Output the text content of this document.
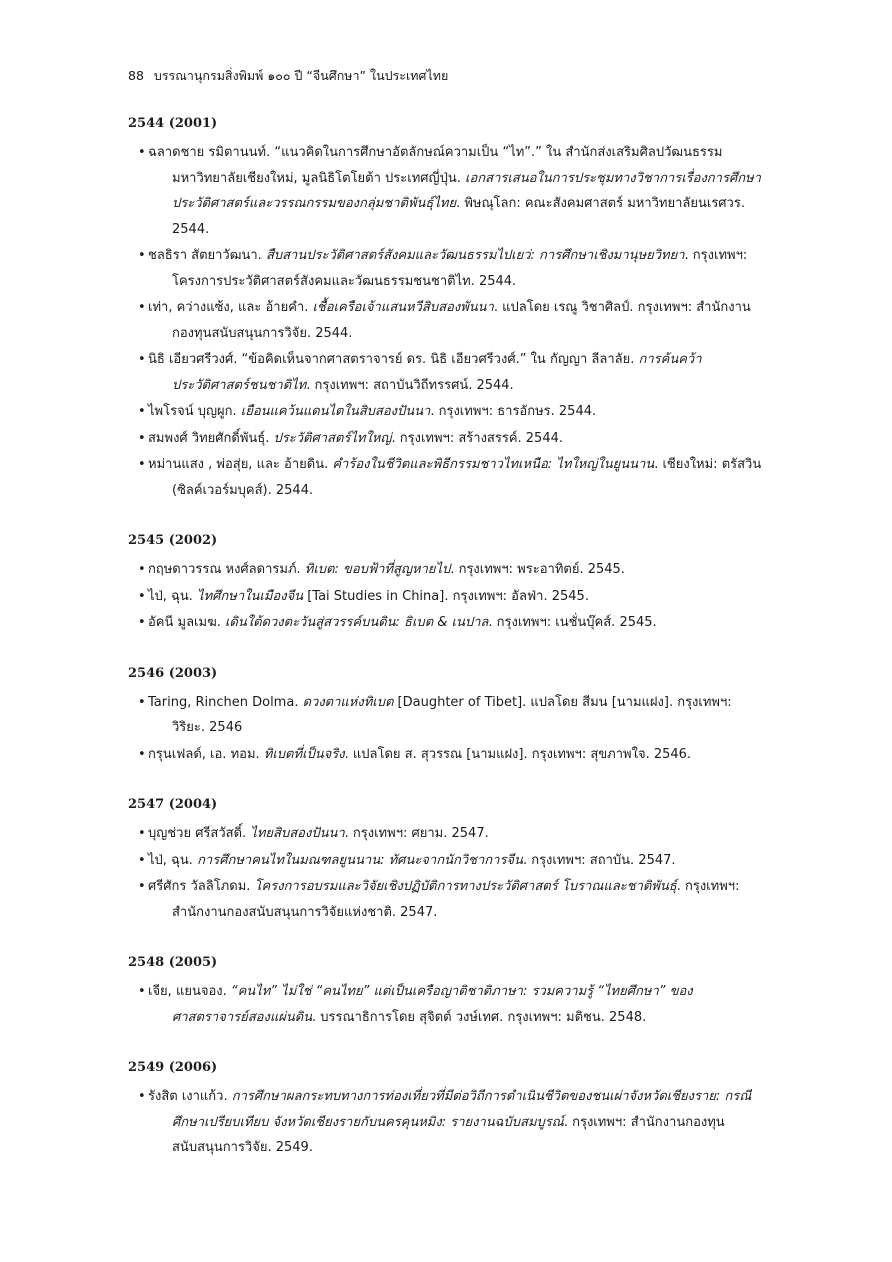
88 บรรณานุกรมสิ่งพิมพ์ ๑๐๐ ปี “จีนศึกษา” ในประเทศไทย
2544 (2001)
• ฉลาดชาย รมิตานนท์. “แนวคิดในการศึกษาอัตลักษณ์ความเป็น “ไท”.” ใน สำนักส่งเสริมศิลปวัฒนธรรม มหาวิทยาลัยเชียงใหม่, มูลนิธิโตโยต้า ประเทศญี่ปุ่น. เอกสารเสนอในการประชุมทางวิชาการเรื่องการศึกษาประวัติศาสตร์และวรรณกรรมของกลุ่มชาติพันธุ์ไทย. พิษณุโลก: คณะสังคมศาสตร์ มหาวิทยาลัยนเรศวร. 2544.
• ชลธิรา สัตยาวัฒนา. สืบสานประวัติศาสตร์สังคมและวัฒนธรรมไปเยว่: การศึกษาเชิงมานุษยวิทยา. กรุงเทพฯ: โครงการประวัติศาสตร์สังคมและวัฒนธรรมชนชาติไท. 2544.
• เท่า, คว่างแซ้ง, และ อ้ายคำ. เชื้อเครือเจ้าแสนหวีสิบสองพันนา. แปลโดย เรณู วิชาศิลป์. กรุงเทพฯ: สำนักงานกองทุนสนับสนุนการวิจัย. 2544.
• นิธิ เอียวศรีวงศ์. “ข้อคิดเห็นจากศาสตราจารย์ ดร. นิธิ เอียวศรีวงศ์.” ใน กัญญา ลีลาลัย. การค้นคว้าประวัติศาสตร์ชนชาติไท. กรุงเทพฯ: สถาบันวิถีทรรศน์. 2544.
• ไพโรจน์ บุญผูก. เยือนแคว้นแดนไตในสิบสองปันนา. กรุงเทพฯ: ธารอักษร. 2544.
• สมพงศ์ วิทยศักดิ์พันธุ์. ประวัติศาสตร์ไทใหญ่. กรุงเทพฯ: สร้างสรรค์. 2544.
• หม่านแสง , พ่อสุ่ย, และ อ้ายดิน. คำร้องในชีวิตและพิธีกรรมชาวไทเหนือ: ไทใหญ่ในยูนนาน. เชียงใหม่: ตรัสวิน (ซิลค์เวอร์มบุคส์). 2544.
2545 (2002)
• กฤษดาวรรณ หงศ์ลดารมภ์. ทิเบต: ขอบฟ้าที่สูญหายไป. กรุงเทพฯ: พระอาทิตย์. 2545.
• ไป่, ฉุน. ไทศึกษาในเมืองจีน [Tai Studies in China]. กรุงเทพฯ: อัลฟ่า. 2545.
• อัคนี มูลเมฆ. เดินใต้ดวงตะวันสู่สวรรค์บนดิน: ธิเบต & เนปาล. กรุงเทพฯ: เนชั่นบุ๊คส์. 2545.
2546 (2003)
• Taring, Rinchen Dolma. ดวงตาแห่งทิเบต [Daughter of Tibet]. แปลโดย สีมน [นามแฝง]. กรุงเทพฯ: วิริยะ. 2546
• กรุนเฟลด์, เอ. ทอม. ทิเบตที่เป็นจริง. แปลโดย ส. สุวรรณ [นามแฝง]. กรุงเทพฯ: สุขภาพใจ. 2546.
2547 (2004)
• บุญช่วย ศรีสวัสดิ์. ไทยสิบสองปันนา. กรุงเทพฯ: ศยาม. 2547.
• ไป่, ฉุน. การศึกษาคนไทในมณฑลยูนนาน: ทัศนะจากนักวิชาการจีน. กรุงเทพฯ: สถาบัน. 2547.
• ศรีศักร วัลลิโภดม. โครงการอบรมและวิจัยเชิงปฏิบัติการทางประวัติศาสตร์ โบราณและชาติพันธุ์. กรุงเทพฯ: สำนักงานกองสนับสนุนการวิจัยแห่งชาติ. 2547.
2548 (2005)
• เจีย, แยนจอง. “คนไท” ไม่ใช่ “คนไทย” แต่เป็นเครือญาติชาติภาษา: รวมความรู้ “ไทยศึกษา” ของศาสตราจารย์สองแผ่นดิน. บรรณาธิการโดย สุจิตต์ วงษ์เทศ. กรุงเทพฯ: มติชน. 2548.
2549 (2006)
• รังสิต เงาแก้ว. การศึกษาผลกระทบทางการท่องเที่ยวที่มีต่อวิถีการดำเนินชีวิตของชนเผ่าจังหวัดเชียงราย: กรณีศึกษาเปรียบเทียบ จังหวัดเชียงรายกับนครคุนหมิง: รายงานฉบับสมบูรณ์. กรุงเทพฯ: สำนักงานกองทุนสนับสนุนการวิจัย. 2549.
